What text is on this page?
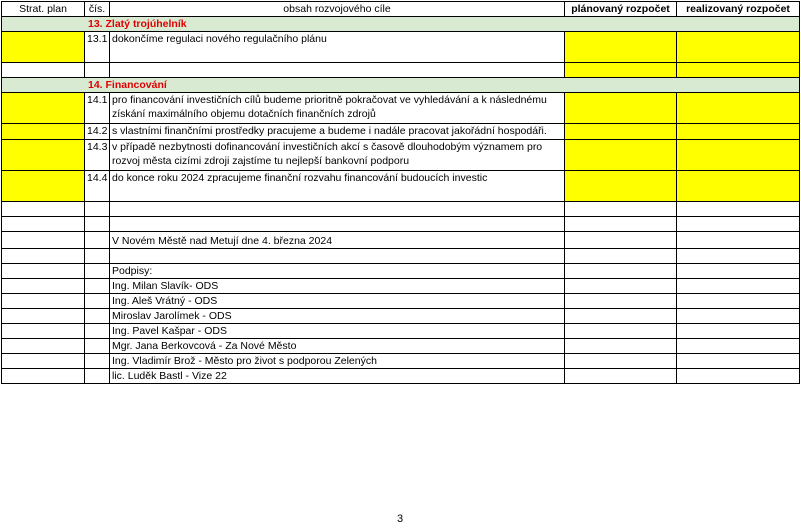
Strat. plan	čís.	obsah rozvojového cíle	plánovaný rozpočet	realizovaný rozpočet
13. Zlatý trojúhelník				
	13.1	dokončíme regulaci nového regulačního plánu		

14. Financování				
	14.1	pro financování investičních cílů budeme prioritně pokračovat ve vyhledávání a k následnému
získání maximálního objemu dotačních finančních zdrojů		

	14.2	s vlastními finančními prostředky pracujeme a budeme i nadále pracovat jakořádní hospodáři.		
	14.3	v případě nezbytnosti dofinancování investičních akcí s časově dlouhodobým významem pro
rozvoj města cizími zdroji zajstíme tu nejlepší bankovní podporu		

	14.4	do konce roku 2024 zpracujeme finanční rozvahu financování budoucích investic		

		V Novém Městě nad Metují dne 4. března 2024		

		Podpisy:		
		Ing. Milan Slavík- ODS		
		Ing. Aleš Vrátný - ODS		
		Miroslav Jarolímek - ODS		
		Ing. Pavel Kašpar - ODS		
		Mgr. Jana Berkovcová - Za Nové Město		
		Ing. Vladimír Brož - Město pro život s podporou Zelených		
		lic. Luděk Bastl - Vize 22		
3
